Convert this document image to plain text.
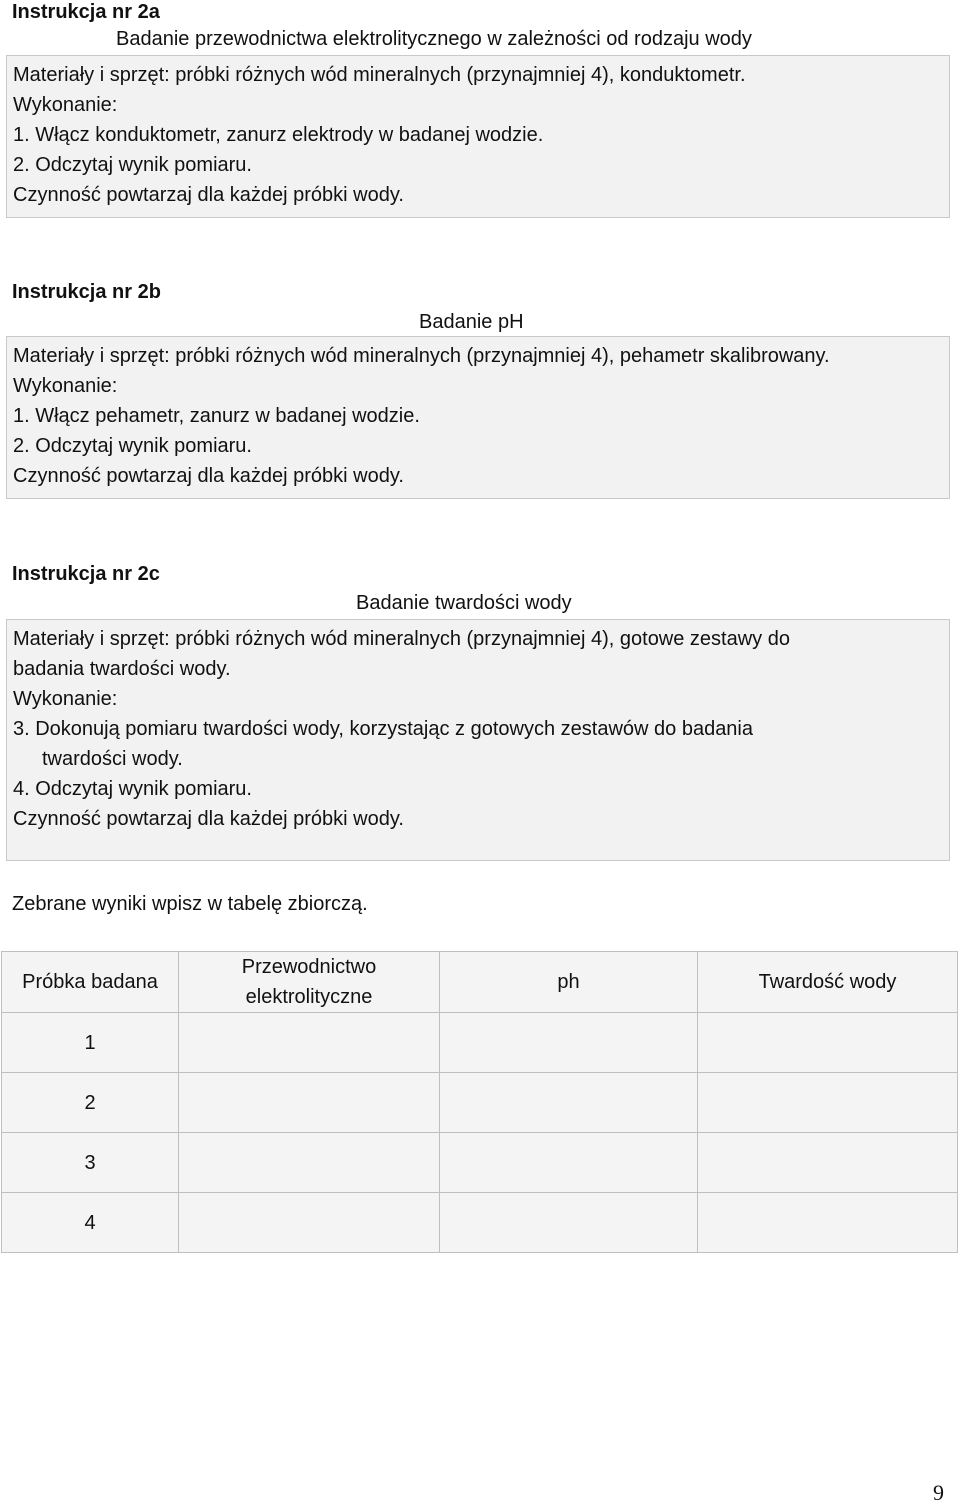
Instrukcja nr 2a
Badanie przewodnictwa elektrolitycznego w zależności od rodzaju wody
Materiały i sprzęt: próbki różnych wód mineralnych (przynajmniej 4), konduktometr.
Wykonanie:
1. Włącz konduktometr, zanurz elektrody w badanej wodzie.
2. Odczytaj wynik pomiaru.
Czynność powtarzaj dla każdej próbki wody.
Instrukcja nr 2b
Badanie pH
Materiały i sprzęt: próbki różnych wód mineralnych (przynajmniej 4), pehametr skalibrowany.
Wykonanie:
1. Włącz pehametr, zanurz w badanej wodzie.
2. Odczytaj wynik pomiaru.
Czynność powtarzaj dla każdej próbki wody.
Instrukcja nr 2c
Badanie twardości wody
Materiały i sprzęt: próbki różnych wód mineralnych (przynajmniej 4), gotowe zestawy do
badania twardości wody.
Wykonanie:
3. Dokonują pomiaru twardości wody, korzystając z gotowych zestawów do badania
twardości wody.
4. Odczytaj wynik pomiaru.
Czynność powtarzaj dla każdej próbki wody.
Zebrane wyniki wpisz w tabelę zbiorczą.
Próbka badana	Przewodnictwo elektrolityczne	ph	Twardość wody
1			
2			
3			
4			
9
